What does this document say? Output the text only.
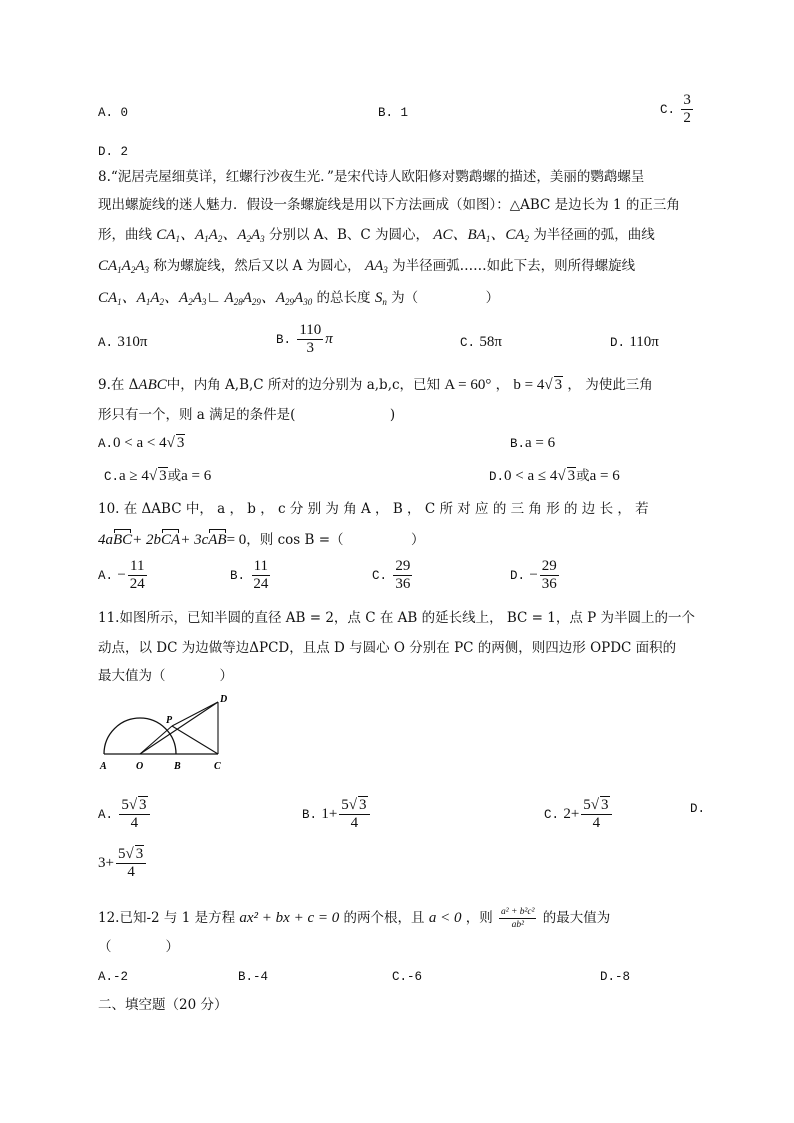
A. 0	B. 1	C. $\frac{3}{2}$
D. 2
8.“泥居壳屋细莫详，红螺行沙夜生光．”是宋代诗人欧阳修对鹦鹉螺的描述，美丽的鹦鹉螺呈
现出螺旋线的迷人魅力．假设一条螺旋线是用以下方法画成（如图）：△ABC 是边长为 1 的正三角
形，曲线 $CA_1$、$A_1A_2$、$A_2A_3$ 分别以 A、B、C 为圆心， AC、$BA_1$、$CA_2$ 为半径画的弧，曲线
$CA_1A_2A_3$ 称为螺旋线，然后又以 A 为圆心， $AA_3$ 为半径画弧……如此下去，则所得螺旋线
$CA_1$、$A_1A_2$、$A_2A_3∟$ $A_{28}A_{29}$、$A_{29}A_{30}$ 的总长度 $S_n$ 为（　　　　　）
A. 310π	B. $\frac{110}{3}$ π	C. 58π	D. 110π
9.在 ΔABC中，内角 A,B,C 所对的边分别为 a,b,c，已知 A = 60° ， b = 4√ 3 ， 为使此三角
形只有一个，则 a 满足的条件是(　　　　　　　)
A.0 < a < 4√ 3	B.a = 6
C.a ≥ 4√ 3或a = 6	D.0 < a ≤ 4√ 3或a = 6
10. 在 ΔABC 中， a ， b ， c 分 别 为 角 A ， B ， C 所 对 应 的 三 角 形 的 边 长 ， 若
4aBC+ 2bCA+ 3cAB= 0，则 cos B =（　　　　　）
A. − $\frac{11}{24}$	B. $\frac{11}{24}$	C. $\frac{29}{36}$	D. − $\frac{29}{36}$
11.如图所示，已知半圆的直径 AB = 2，点 C 在 AB 的延长线上， BC = 1，点 P 为半圆上的一个
动点，以 DC 为边做等边ΔPCD，且点 D 与圆心 O 分别在 PC 的两侧，则四边形 OPDC 面积的
最大值为（　　　　）
A	O	B	C
P
D
A. $\frac{5√ 3}{4}$	B. $1+ \frac{5√ 3}{4}$	C. $2+ \frac{5√ 3}{4}$	D.
$3+ \frac{5√ 3}{4}$
12.已知-2 与 1 是方程 ax² + bx + c = 0 的两个根，且 a < 0 ，则 $\frac{\text{a² + b²c²}}{\text{ab²}}$ 的最大值为
（　　　　）
A.-2	B.-4	C.-6	D.-8
二、填空题（20 分）
